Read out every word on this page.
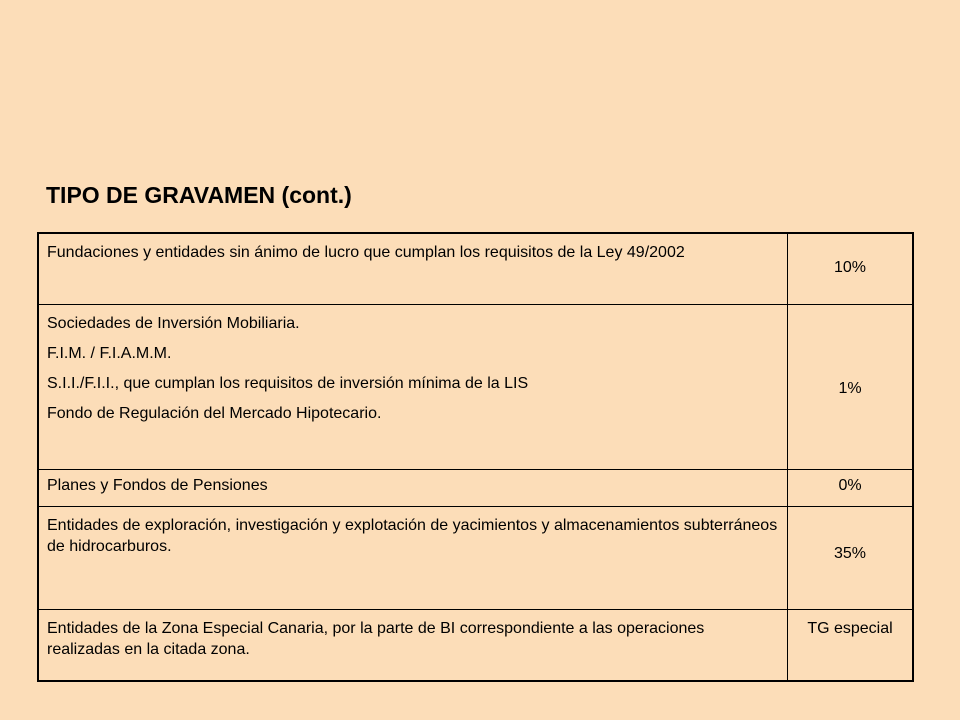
TIPO DE GRAVAMEN (cont.)
Fundaciones y entidades sin ánimo de lucro que cumplan los requisitos de la Ley 49/2002	10%

Sociedades de Inversión Mobiliaria.
F.I.M. / F.I.A.M.M.
S.I.I./F.I.I., que cumplan los requisitos de inversión mínima de la LIS
Fondo de Regulación del Mercado Hipotecario.	1%

Planes y Fondos de Pensiones	0%

Entidades de exploración, investigación y explotación de yacimientos y almacenamientos subterráneos de hidrocarburos.	35%

Entidades de la Zona Especial Canaria, por la parte de BI correspondiente a las operaciones realizadas en la citada zona.	TG especial
